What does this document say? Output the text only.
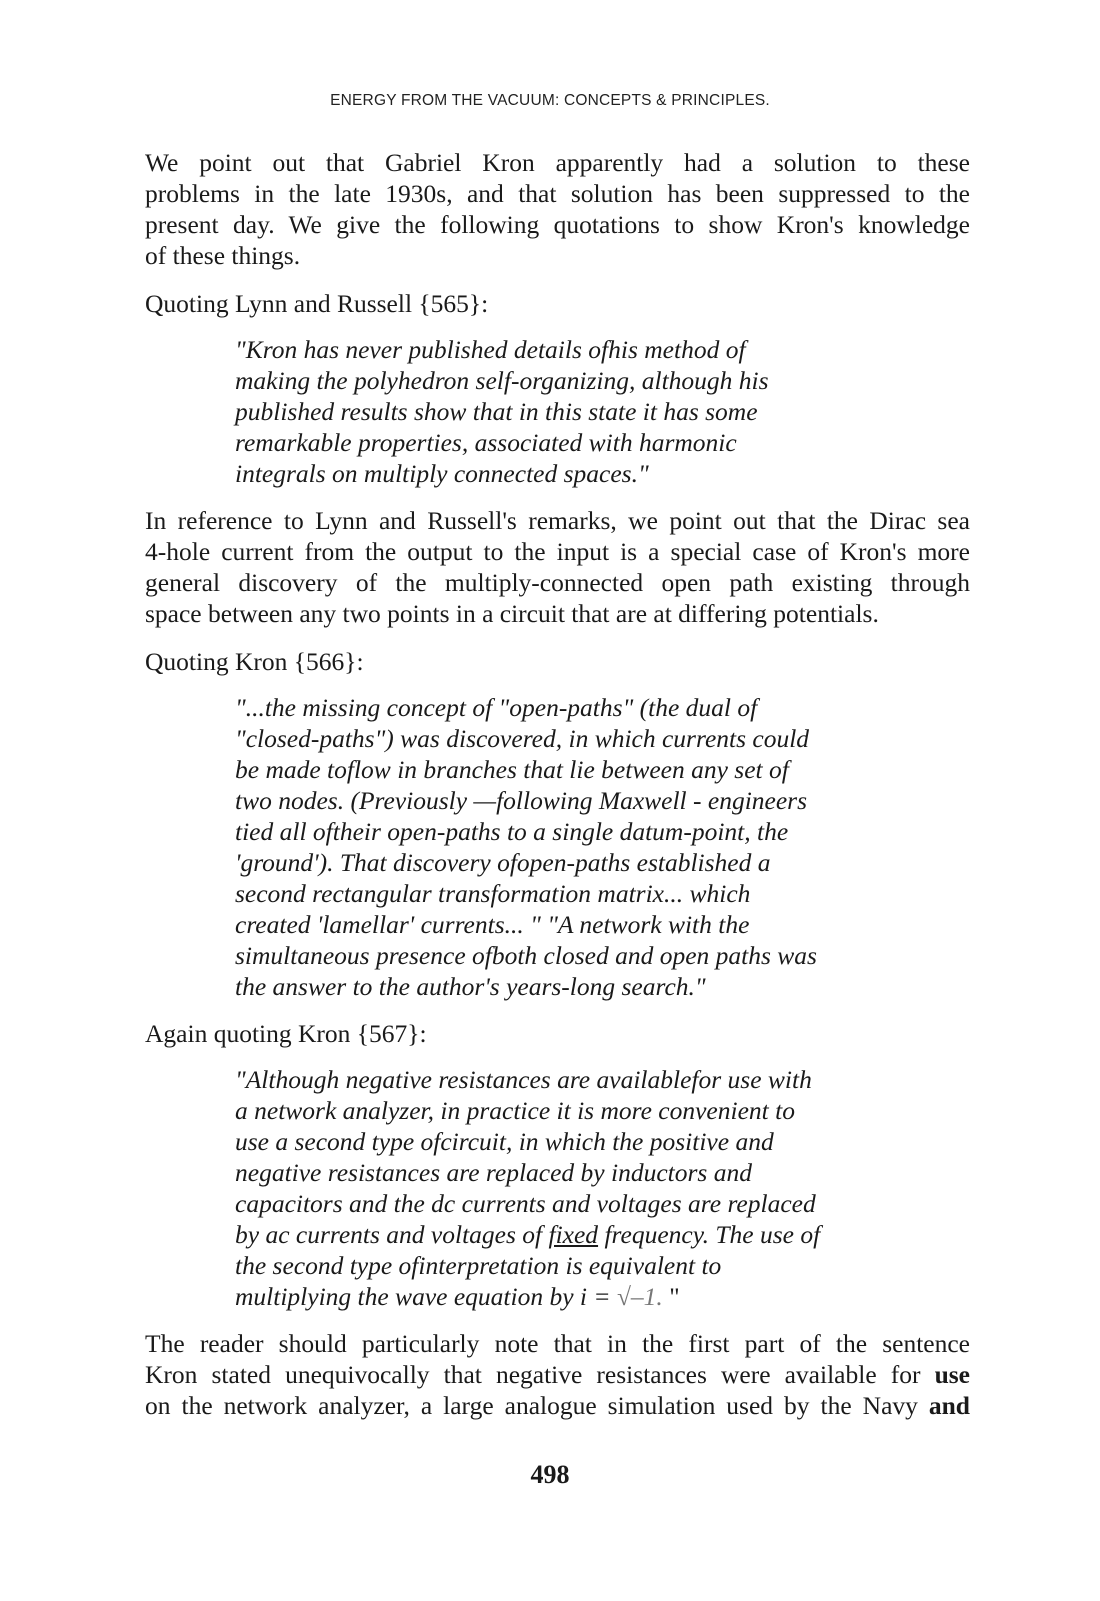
ENERGY FROM THE VACUUM: CONCEPTS & PRINCIPLES.
We point out that Gabriel Kron apparently had a solution to these
problems in the late 1930s, and that solution has been suppressed to the
present day. We give the following quotations to show Kron's knowledge
of these things.
Quoting Lynn and Russell {565}:
"Kron has never published details ofhis method of
making the polyhedron self-organizing, although his
published results show that in this state it has some
remarkable properties, associated with harmonic
integrals on multiply connected spaces."
In reference to Lynn and Russell's remarks, we point out that the Dirac sea
4-hole current from the output to the input is a special case of Kron's more
general discovery of the multiply-connected open path existing through
space between any two points in a circuit that are at differing potentials.
Quoting Kron {566}:
"...the missing concept of "open-paths" (the dual of
"closed-paths") was discovered, in which currents could
be made toflow in branches that lie between any set of
two nodes. (Previously —following Maxwell - engineers
tied all oftheir open-paths to a single datum-point, the
'ground'). That discovery ofopen-paths established a
second rectangular transformation matrix... which
created 'lamellar' currents... " "A network with the
simultaneous presence ofboth closed and open paths was
the answer to the author's years-long search."
Again quoting Kron {567}:
"Although negative resistances are availablefor use with
a network analyzer, in practice it is more convenient to
use a second type ofcircuit, in which the positive and
negative resistances are replaced by inductors and
capacitors and the dc currents and voltages are replaced
by ac currents and voltages of fixed frequency. The use of
the second type ofinterpretation is equivalent to
multiplying the wave equation by i = √–1. "
The reader should particularly note that in the first part of the sentence
Kron stated unequivocally that negative resistances were available for use
on the network analyzer, a large analogue simulation used by the Navy and
498
